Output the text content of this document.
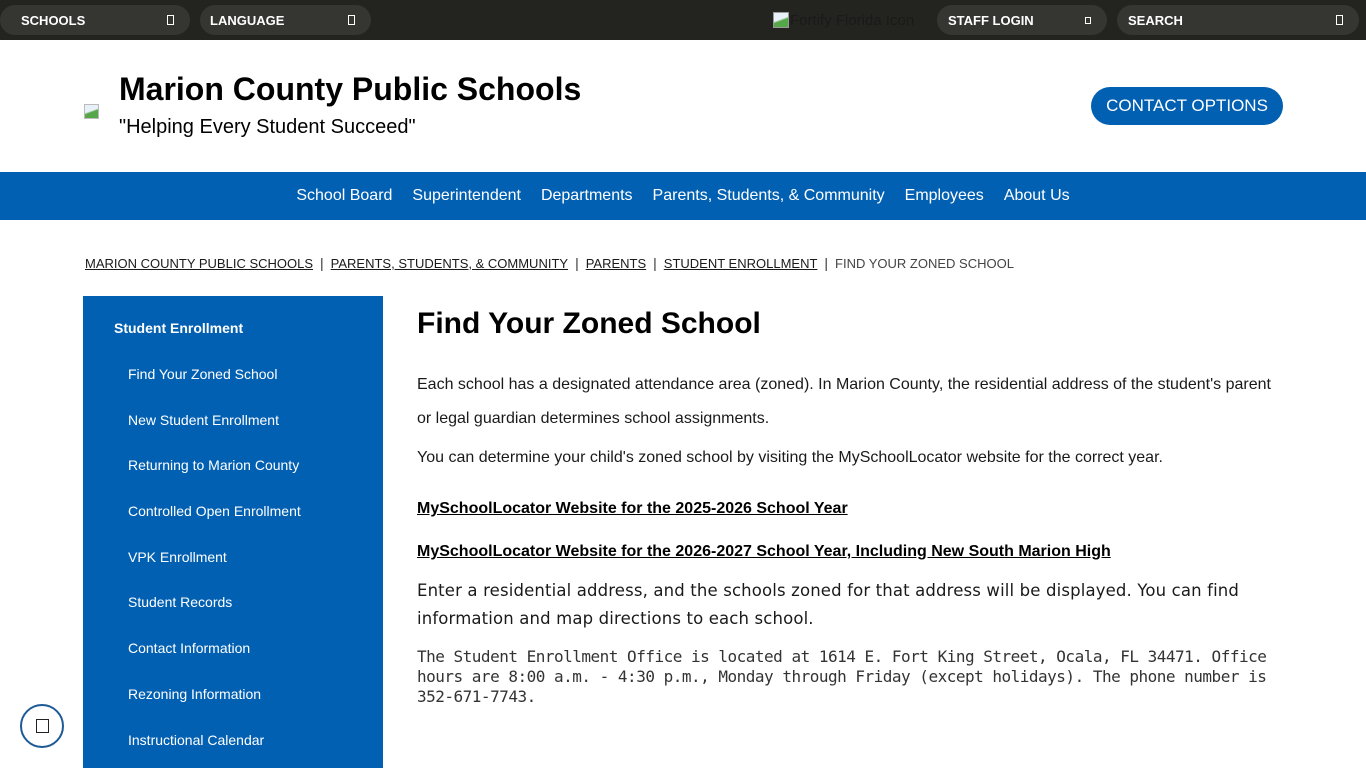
SCHOOLS	LANGUAGE	Fortify Florida Icon	STAFF LOGIN	SEARCH
Marion County Public Schools
"Helping Every Student Succeed"
CONTACT OPTIONS
School Board	Superintendent	Departments	Parents, Students, & Community	Employees	About Us
MARION COUNTY PUBLIC SCHOOLS | PARENTS, STUDENTS, & COMMUNITY | PARENTS | STUDENT ENROLLMENT | FIND YOUR ZONED SCHOOL
Student Enrollment
Find Your Zoned School
New Student Enrollment
Returning to Marion County
Controlled Open Enrollment
VPK Enrollment
Student Records
Contact Information
Rezoning Information
Instructional Calendar
Find Your Zoned School

Each school has a designated attendance area (zoned). In Marion County, the residential address of the student's parent or legal guardian determines school assignments.

You can determine your child's zoned school by visiting the MySchoolLocator website for the correct year.

MySchoolLocator Website for the 2025-2026 School Year
MySchoolLocator Website for the 2026-2027 School Year, Including New South Marion High

Enter a residential address, and the schools zoned for that address will be displayed. You can find information and map directions to each school.

The Student Enrollment Office is located at 1614 E. Fort King Street, Ocala, FL 34471. Office hours are 8:00 a.m. - 4:30 p.m., Monday through Friday (except holidays). The phone number is 352-671-7743.
